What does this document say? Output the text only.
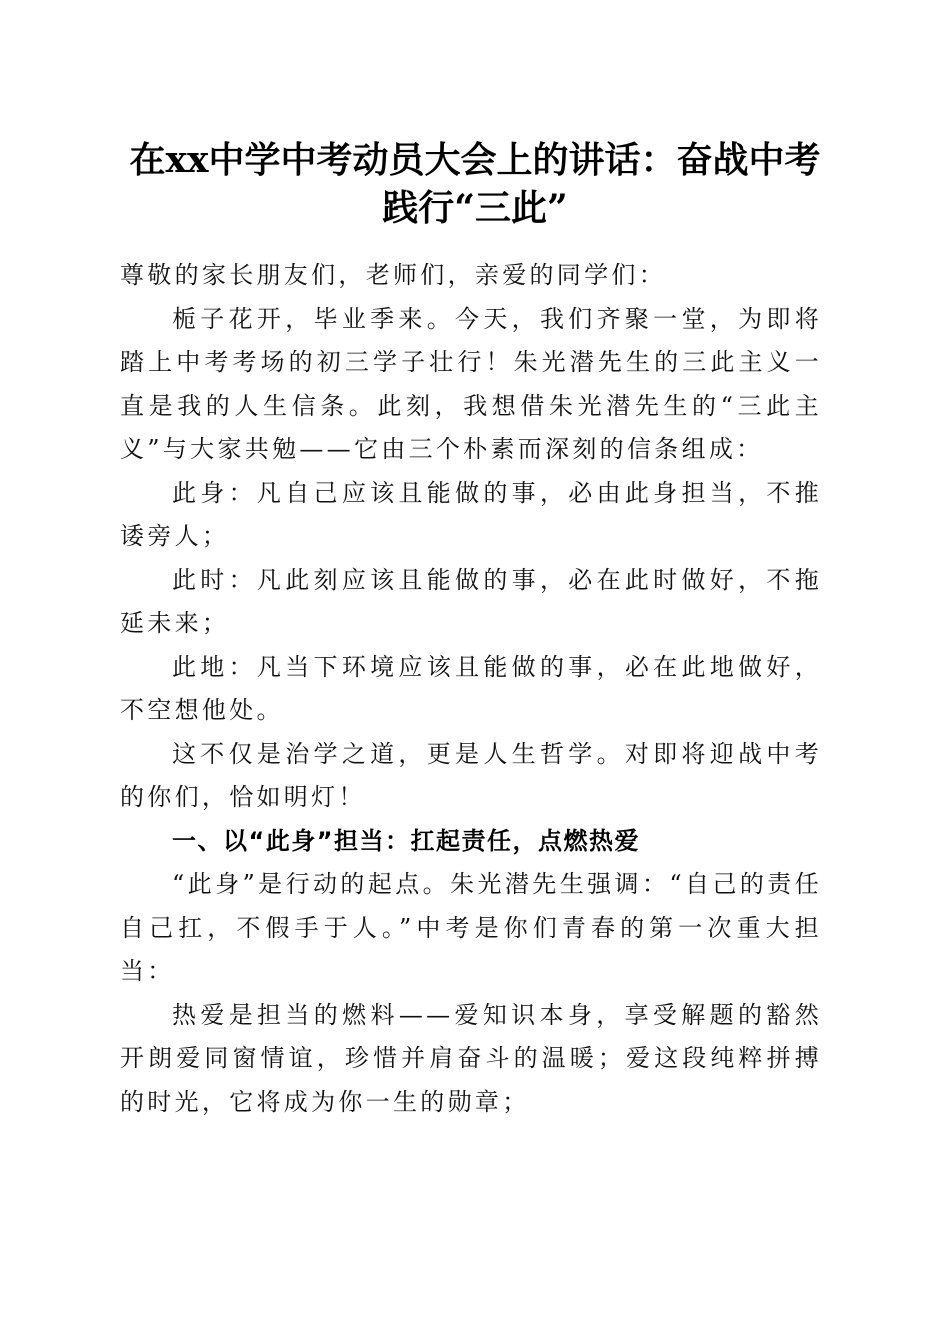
在xx中学中考动员大会上的讲话：奋战中考
践行“三此”

尊敬的家长朋友们，老师们，亲爱的同学们：

栀子花开，毕业季来。今天，我们齐聚一堂，为即将踏上中考考场的初三学子壮行！朱光潜先生的三此主义一直是我的人生信条。此刻，我想借朱光潜先生的“三此主义”与大家共勉——它由三个朴素而深刻的信条组成：

此身：凡自己应该且能做的事，必由此身担当，不推诿旁人；

此时：凡此刻应该且能做的事，必在此时做好，不拖延未来；

此地：凡当下环境应该且能做的事，必在此地做好，不空想他处。

这不仅是治学之道，更是人生哲学。对即将迎战中考的你们，恰如明灯！

一、以“此身”担当：扛起责任，点燃热爱

“此身”是行动的起点。朱光潜先生强调：“自己的责任自己扛，不假手于人。”中考是你们青春的第一次重大担当：

热爱是担当的燃料——爱知识本身，享受解题的豁然开朗爱同窗情谊，珍惜并肩奋斗的温暖；爱这段纯粹拼搏的时光，它将成为你一生的勋章；
